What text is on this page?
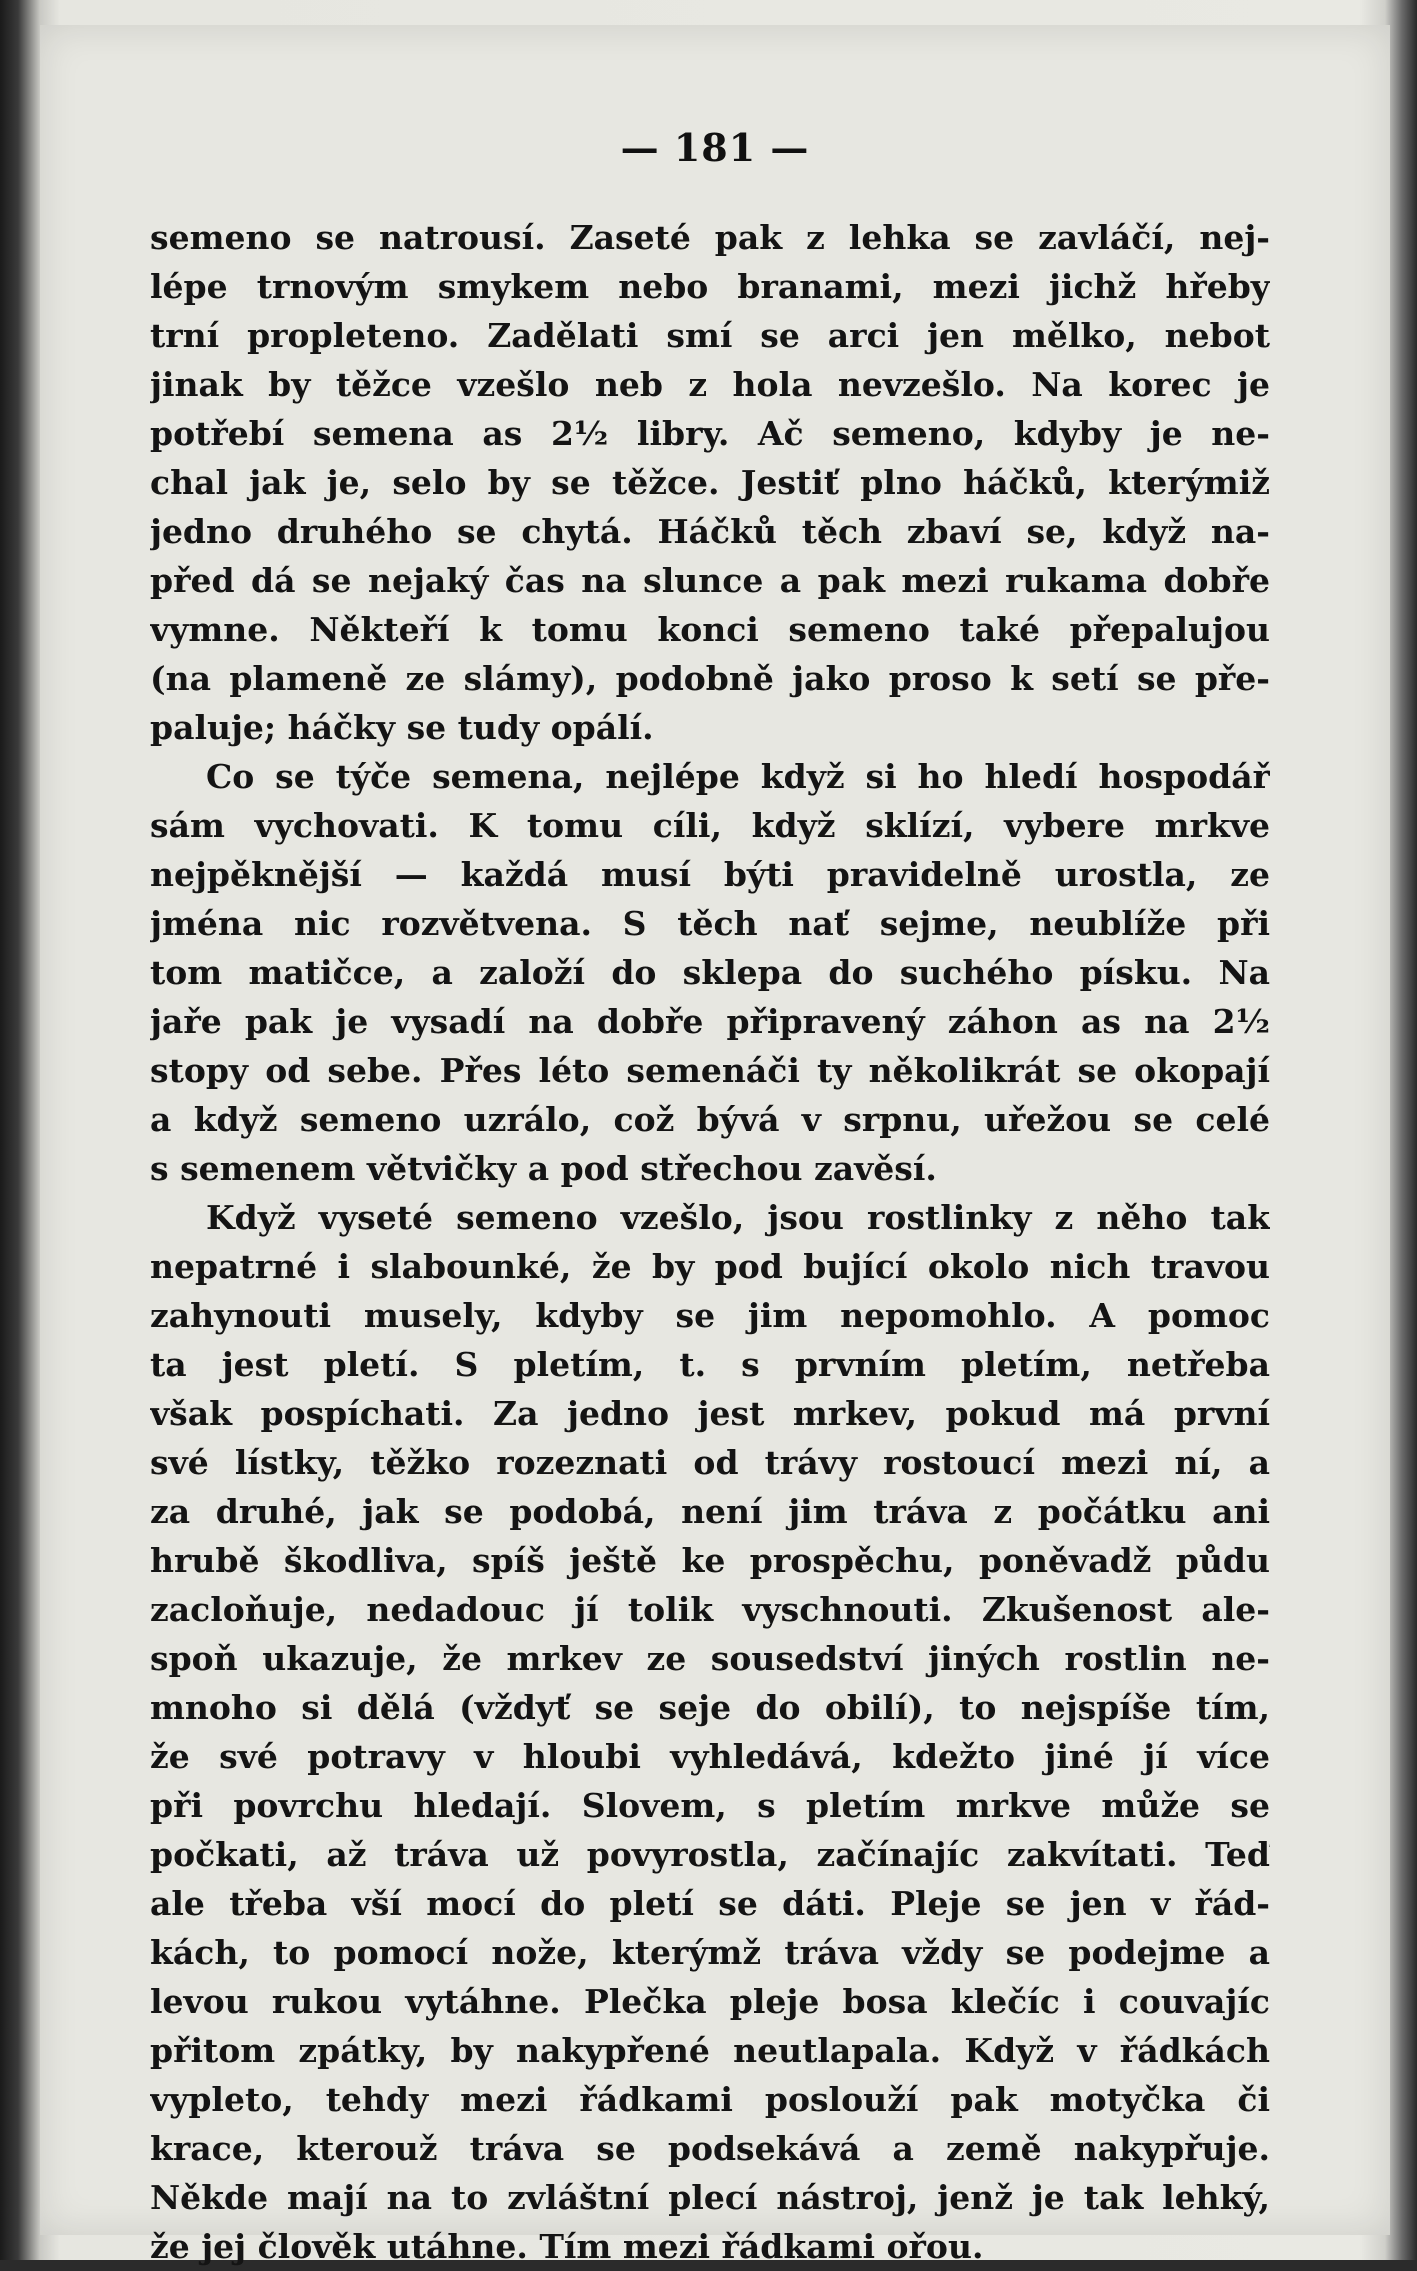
— 181 —
semeno se natrousí. Zaseté pak z lehka se zavláčí, nej-
lépe trnovým smykem nebo branami, mezi jichž hřeby
trní propleteno. Zadělati smí se arci jen mělko, nebot
jinak by těžce vzešlo neb z hola nevzešlo. Na korec je
potřebí semena as 2½ libry. Ač semeno, kdyby je ne-
chal jak je, selo by se těžce. Jestiť plno háčků, kterýmiž
jedno druhého se chytá. Háčků těch zbaví se, když na-
před dá se nejaký čas na slunce a pak mezi rukama dobře
vymne. Někteří k tomu konci semeno také přepalujou
(na plameně ze slámy), podobně jako proso k setí se pře-
paluje; háčky se tudy opálí.
Co se týče semena, nejlépe když si ho hledí hospodář
sám vychovati. K tomu cíli, když sklízí, vybere mrkve
nejpěknější — každá musí býti pravidelně urostla, ze
jména nic rozvětvena. S těch nať sejme, neublíže při
tom matičce, a založí do sklepa do suchého písku. Na
jaře pak je vysadí na dobře připravený záhon as na 2½
stopy od sebe. Přes léto semenáči ty několikrát se okopají
a když semeno uzrálo, což bývá v srpnu, uřežou se celé
s semenem větvičky a pod střechou zavěsí.
Když vyseté semeno vzešlo, jsou rostlinky z něho tak
nepatrné i slabounké, že by pod bující okolo nich travou
zahynouti musely, kdyby se jim nepomohlo. A pomoc
ta jest pletí. S pletím, t. s prvním pletím, netřeba
však pospíchati. Za jedno jest mrkev, pokud má první
své lístky, těžko rozeznati od trávy rostoucí mezi ní, a
za druhé, jak se podobá, není jim tráva z počátku ani
hrubě škodliva, spíš ještě ke prospěchu, poněvadž půdu
zacloňuje, nedadouc jí tolik vyschnouti. Zkušenost ale-
spoň ukazuje, že mrkev ze sousedství jiných rostlin ne-
mnoho si dělá (vždyť se seje do obilí), to nejspíše tím,
že své potravy v hloubi vyhledává, kdežto jiné jí více
při povrchu hledají. Slovem, s pletím mrkve může se
počkati, až tráva už povyrostla, začínajíc zakvítati. Teď
ale třeba vší mocí do pletí se dáti. Pleje se jen v řád-
kách, to pomocí nože, kterýmž tráva vždy se podejme a
levou rukou vytáhne. Plečka pleje bosa klečíc i couvajíc
přitom zpátky, by nakypřené neutlapala. Když v řádkách
vypleto, tehdy mezi řádkami poslouží pak motyčka či
krace, kterouž tráva se podsekává a země nakypřuje.
Někde mají na to zvláštní plecí nástroj, jenž je tak lehký,
že jej člověk utáhne. Tím mezi řádkami ořou.
